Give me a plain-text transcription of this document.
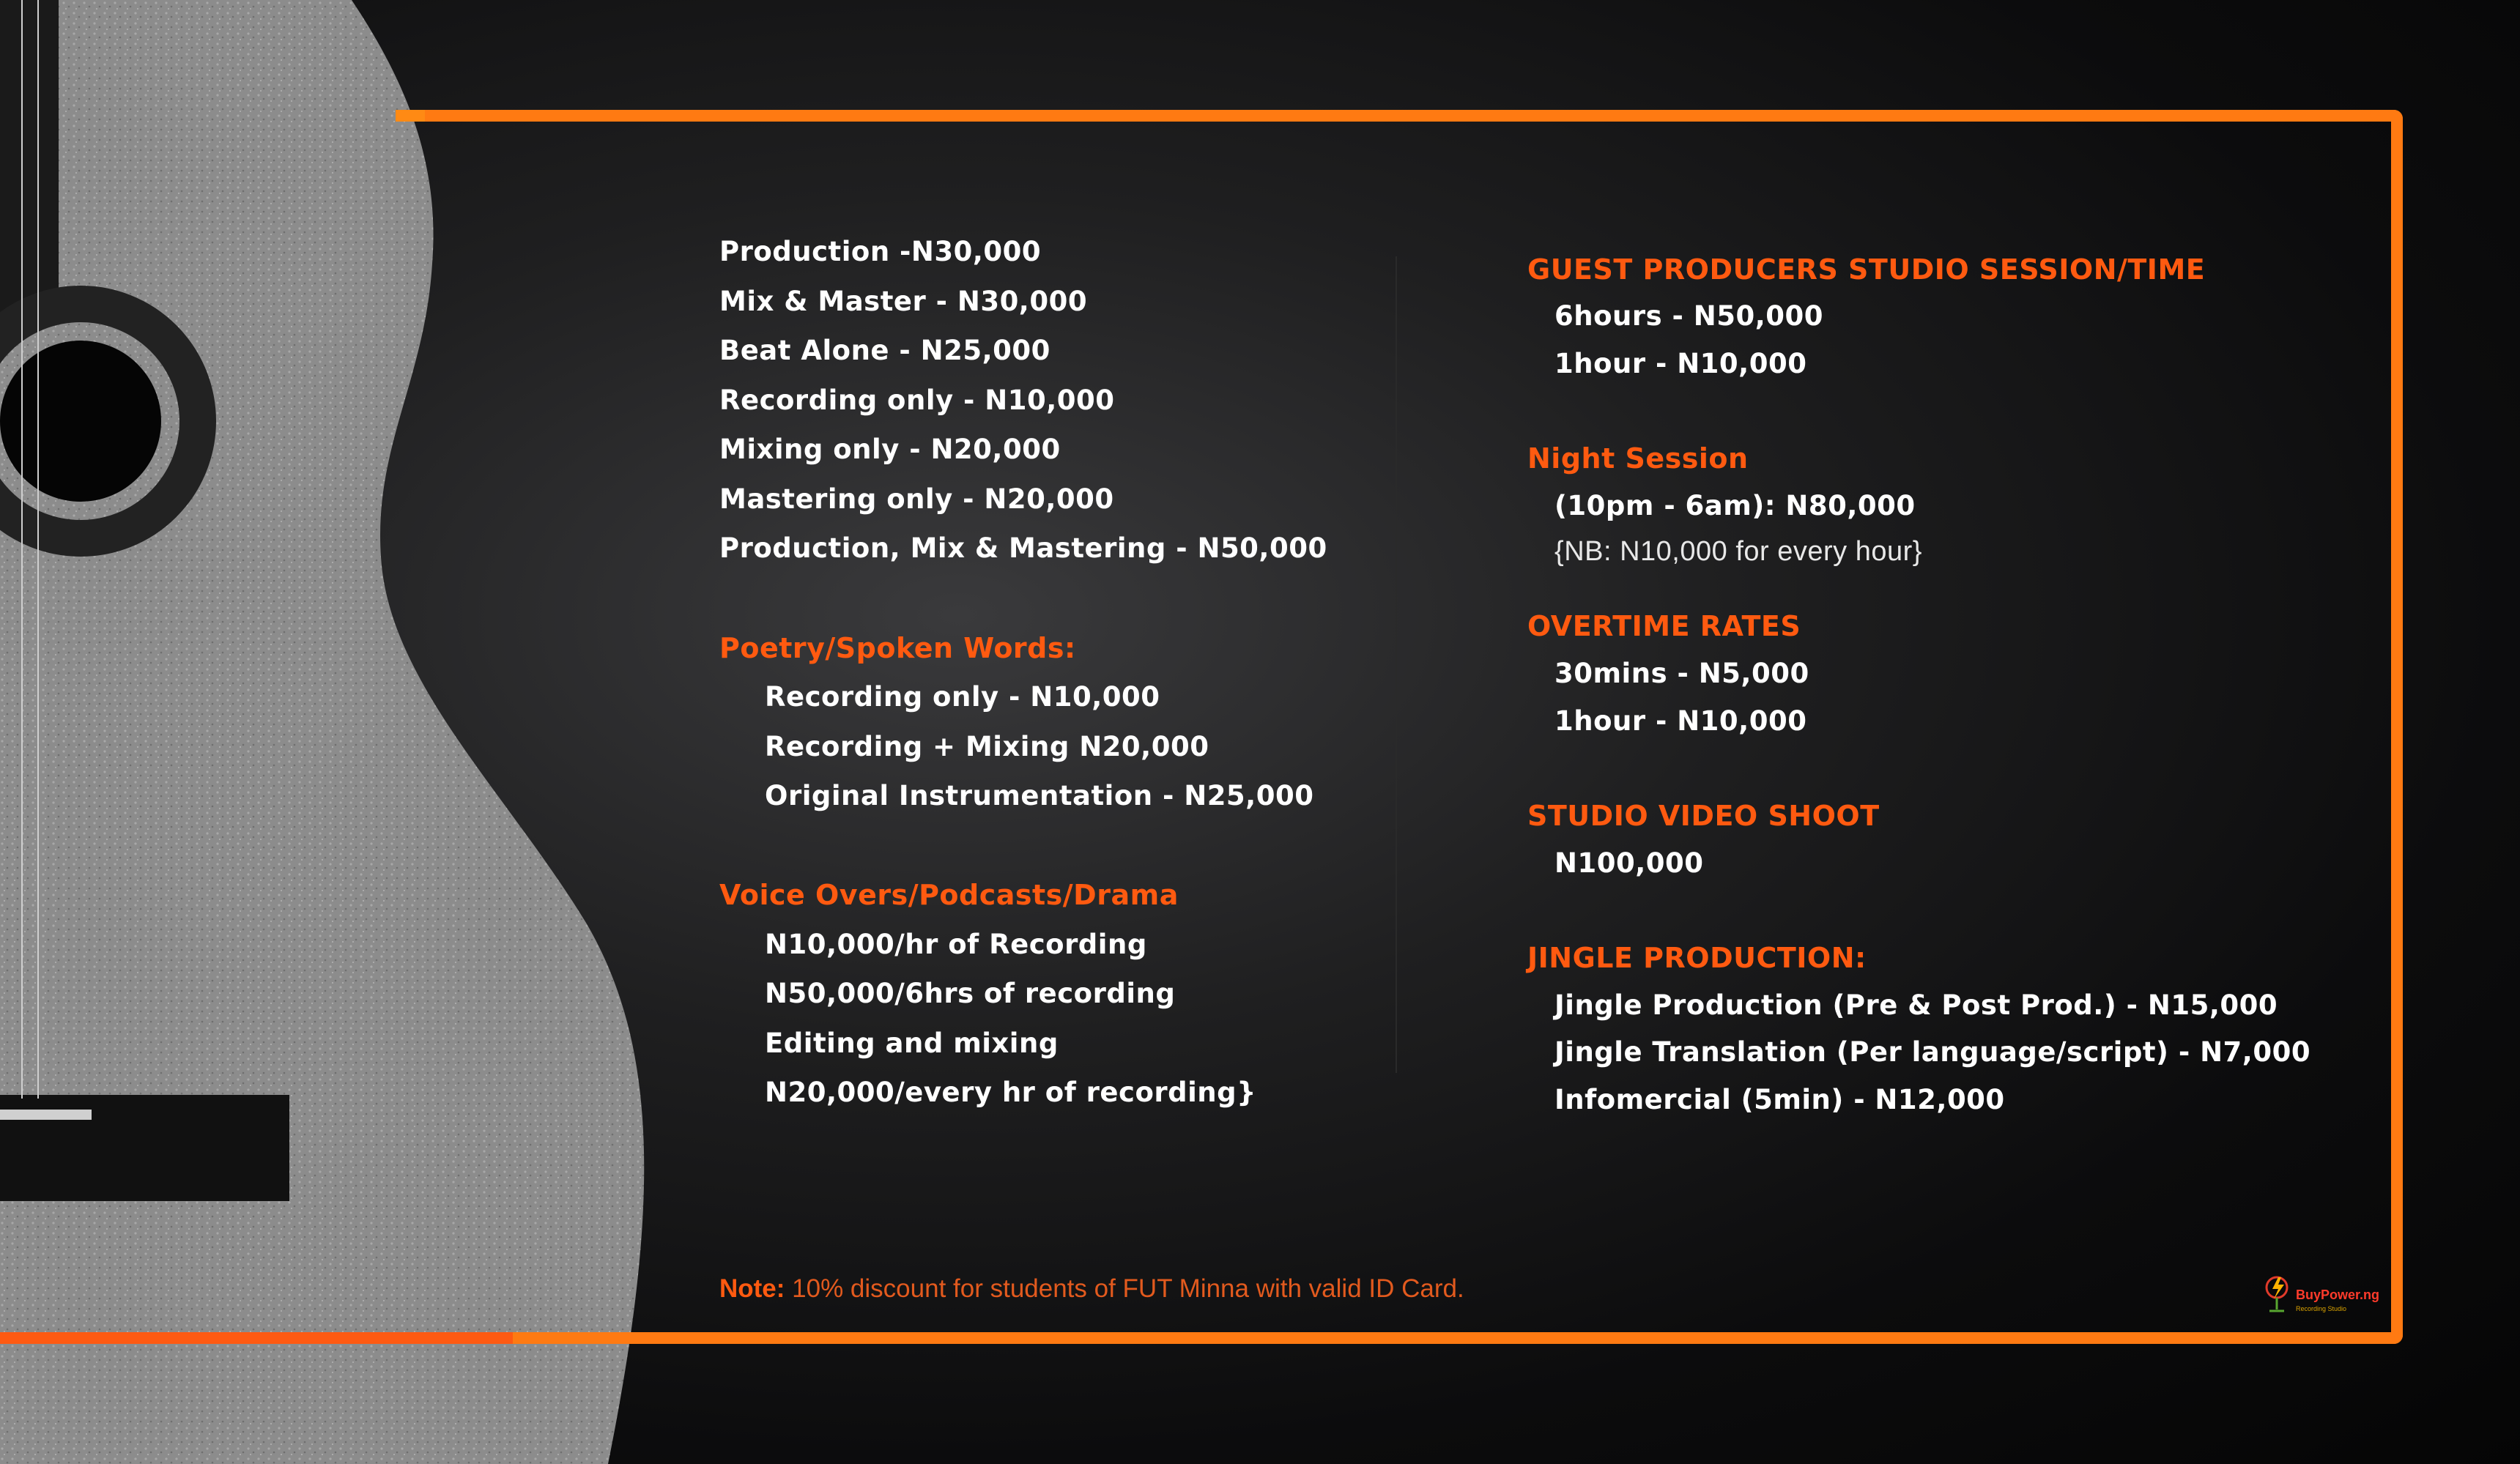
Production -N30,000
Mix & Master - N30,000
Beat Alone - N25,000
Recording only - N10,000
Mixing only - N20,000
Mastering only - N20,000
Production, Mix & Mastering - N50,000
Poetry/Spoken Words:
Recording only - N10,000
Recording + Mixing N20,000
Original Instrumentation - N25,000
Voice Overs/Podcasts/Drama
N10,000/hr of Recording
N50,000/6hrs of recording
Editing and mixing
N20,000/every hr of recording}
GUEST PRODUCERS STUDIO SESSION/TIME
6hours - N50,000
1hour - N10,000
Night Session
(10pm - 6am): N80,000
{NB: N10,000 for every hour}
OVERTIME RATES
30mins - N5,000
1hour - N10,000
STUDIO VIDEO SHOOT
N100,000
JINGLE PRODUCTION:
Jingle Production (Pre & Post Prod.) - N15,000
Jingle Translation (Per language/script) - N7,000
Infomercial (5min) - N12,000
Note: 10% discount for students of FUT Minna with valid ID Card.	BuyPower.ng
Recording Studio
